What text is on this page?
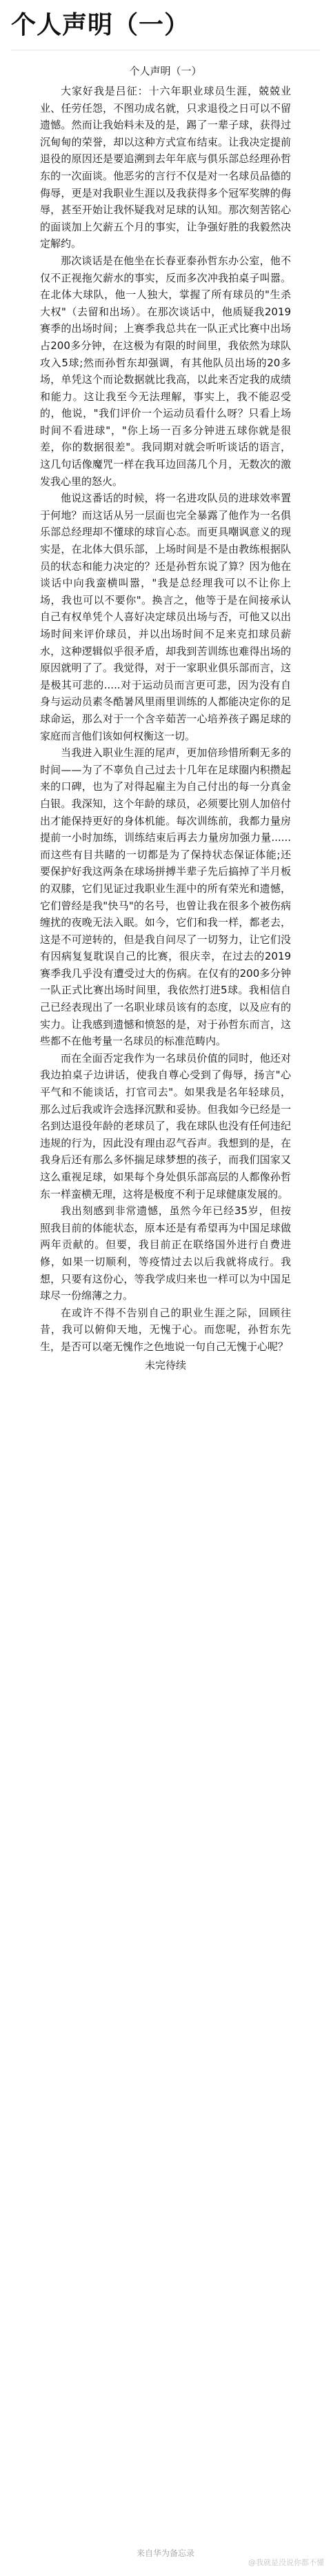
个人声明（一）
个人声明（一）

大家好我是吕征：十六年职业球员生涯，兢兢业业、任劳任怨，不图功成名就，只求退役之日可以不留遗憾。然而让我始料未及的是，踢了一辈子球，获得过沉甸甸的荣誉，却以这种方式宣布结束。让我决定提前退役的原因还是要追溯到去年年底与俱乐部总经理孙哲东的一次面谈。他恶劣的言行不仅是对一名球员品德的侮辱，更是对我职业生涯以及我获得多个冠军奖牌的侮辱，甚至开始让我怀疑我对足球的认知。那次刻苦铭心的面谈加上欠薪五个月的事实，让争强好胜的我毅然决定解约。

那次谈话是在他坐在长春亚泰孙哲东办公室，他不仅不正视拖欠薪水的事实，反而多次冲我拍桌子叫嚣。在北体大球队，他一人独大，掌握了所有球员的"生杀大权"（去留和出场）。在那次谈话中，他质疑我2019赛季的出场时间；上赛季我总共在一队正式比赛中出场占200多分钟，在这极为有限的时间里，我依然为球队攻入5球;然而孙哲东却强调，有其他队员出场的20多场，单凭这个而论数据就比我高，以此来否定我的成绩和能力。这让我至今无法理解，事实上，我不能忍受的，他说，"我们评价一个运动员看什么呀？只看上场时间不看进球"，"你上场一百多分钟进五球你就是很差，你的数据很差"。我同期对就会听听谈话的语言，这几句话像魔咒一样在我耳边回荡几个月，无数次的激发我心里的怒火。

他说这番话的时候，将一名进攻队员的进球效率置于何地？而这话从另一层面也完全暴露了他作为一名俱乐部总经理却不懂球的球盲心态。而更具嘲讽意义的现实是，在北体大俱乐部，上场时间是不是由教练根据队员的状态和能力决定的？还是孙哲东说了算？因为他在谈话中向我蛮横叫嚣，"我是总经理我可以不让你上场，我也可以不要你"。换言之，他等于是在间接承认自己有权单凭个人喜好决定球员出场与否，可他又以出场时间来评价球员，并以出场时间不足来克扣球员薪水，这种逻辑似乎很矛盾，却我到苦训练也难得出场的原因就明了了。我觉得，对于一家职业俱乐部而言，这是极其可悲的.....对于运动员而言更可悲，因为没有自身与运动员素冬酷暑风里雨里训练的人都能决定你的足球命运，那么对于一个含辛茹苦一心培养孩子踢足球的家庭而言他们该如何权衡这一切。

当我进入职业生涯的尾声，更加倍珍惜所剩无多的时间——为了不辜负自己过去十几年在足球圈内积攒起来的口碑，也为了对得起雇主为自己付出的每一分真金白银。我深知，这个年龄的球员，必须要比别人加倍付出才能保持更好的身体机能。每次训练前，我都力量房提前一小时加练，训练结束后再去力量房加强力量......而这些有目共睹的一切都是为了保持状态保证体能;还要保护好我这两条在球场拼搏半辈子先后搞掉了半月板的双膝，它们见证过我职业生涯中的所有荣光和遗憾，它们曾经是我"快马"的名号，也曾让我在很多个被伤病缠扰的夜晚无法入眠。如今，它们和我一样，都老去，这是不可逆转的，但是我自问尽了一切努力，让它们没有因病复复耽误自己的比赛，很庆幸，在过去的2019赛季我几乎没有遭受过大的伤病。在仅有的200多分钟一队正式比赛出场时间里，我依然打进5球。我相信自己已经表现出了一名职业球员该有的态度，以及应有的实力。让我感到遗憾和愤怒的是，对于孙哲东而言，这些都不在他考量一名球员的标准范畴内。

而在全面否定我作为一名球员价值的同时，他还对我边拍桌子边讲话，使我自尊心受到了侮辱，扬言"心平气和不能谈话，打官司去"。如果我是名年轻球员，那么过后我或许会选择沉默和妥协。但我如今已经是一名到达退役年龄的老球员了，我在球队也没有任何违纪违规的行为，因此没有理由忍气吞声。我想到的是，在我身后还有那么多怀揣足球梦想的孩子，而我们国家又这么重视足球，如果每个身处俱乐部高层的人都像孙哲东一样蛮横无理，这将是极度不利于足球健康发展的。

我出刻感到非常遗憾，虽然今年已经35岁，但按照我目前的体能状态，原本还是有希望再为中国足球做两年贡献的。但要，我目前正在联络国外进行自费进修，如果一切顺利，等疫情过去以后我就将成行。我想，只要有这份心，等我学成归来也一样可以为中国足球尽一份绵薄之力。

在或许不得不告别自己的职业生涯之际，回顾往昔，我可以俯仰天地，无愧于心。而您呢，孙哲东先生，是否可以毫无愧作之色地说一句自己无愧于心呢？

未完待续

来自华为备忘录
@我就是没说你都不懂
